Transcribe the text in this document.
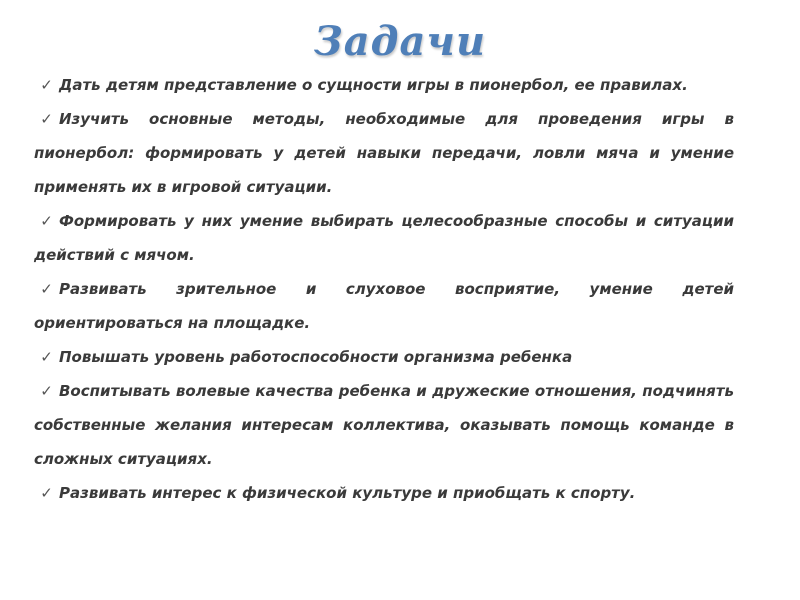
Задачи
✓ Дать детям представление о сущности игры в пионербол, ее правилах.
✓ Изучить основные методы, необходимые для проведения игры в пионербол: формировать у детей навыки передачи, ловли мяча и умение применять их в игровой ситуации.
✓ Формировать у них умение выбирать целесообразные способы и ситуации действий с мячом.
✓ Развивать зрительное и слуховое восприятие, умение детей ориентироваться на площадке.
✓ Повышать уровень работоспособности организма ребенка
✓ Воспитывать волевые качества ребенка и дружеские отношения, подчинять собственные желания интересам коллектива, оказывать помощь команде в сложных ситуациях.
✓ Развивать интерес к физической культуре и приобщать к спорту.
